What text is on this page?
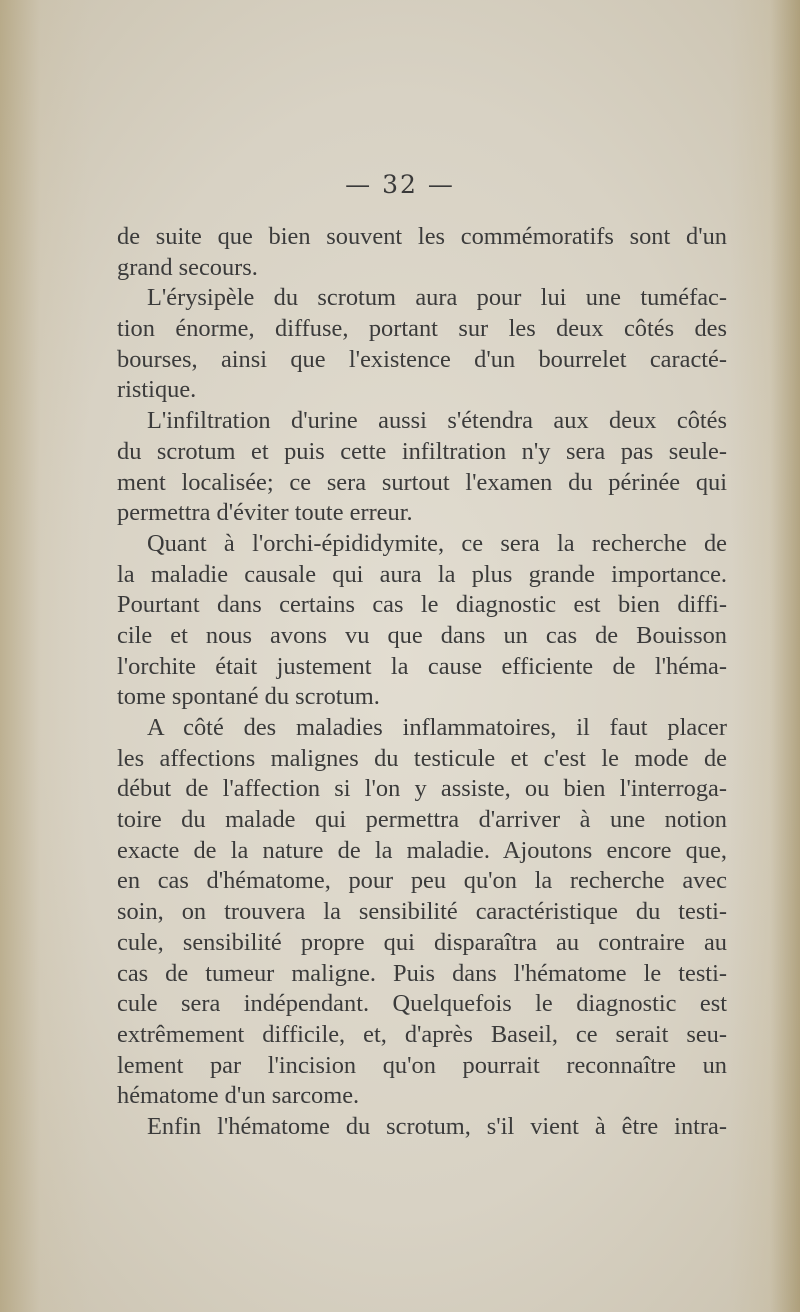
— 32 —
de suite que bien souvent les commémoratifs sont d'un
grand secours.
L'érysipèle du scrotum aura pour lui une tuméfac-
tion énorme, diffuse, portant sur les deux côtés des
bourses, ainsi que l'existence d'un bourrelet caracté-
ristique.
L'infiltration d'urine aussi s'étendra aux deux côtés
du scrotum et puis cette infiltration n'y sera pas seule-
ment localisée; ce sera surtout l'examen du périnée qui
permettra d'éviter toute erreur.
Quant à l'orchi-épididymite, ce sera la recherche de
la maladie causale qui aura la plus grande importance.
Pourtant dans certains cas le diagnostic est bien diffi-
cile et nous avons vu que dans un cas de Bouisson
l'orchite était justement la cause efficiente de l'héma-
tome spontané du scrotum.
A côté des maladies inflammatoires, il faut placer
les affections malignes du testicule et c'est le mode de
début de l'affection si l'on y assiste, ou bien l'interroga-
toire du malade qui permettra d'arriver à une notion
exacte de la nature de la maladie. Ajoutons encore que,
en cas d'hématome, pour peu qu'on la recherche avec
soin, on trouvera la sensibilité caractéristique du testi-
cule, sensibilité propre qui disparaîtra au contraire au
cas de tumeur maligne. Puis dans l'hématome le testi-
cule sera indépendant. Quelquefois le diagnostic est
extrêmement difficile, et, d'après Baseil, ce serait seu-
lement par l'incision qu'on pourrait reconnaître un
hématome d'un sarcome.
Enfin l'hématome du scrotum, s'il vient à être intra-
